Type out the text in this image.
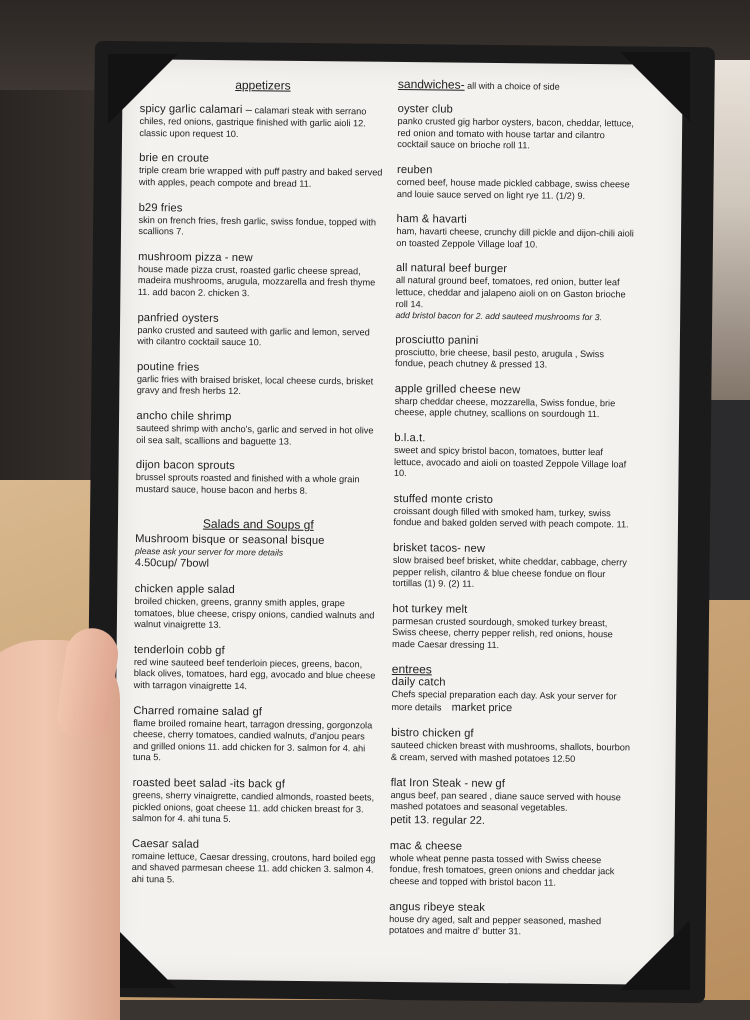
appetizers
spicy garlic calamari – calamari steak with serrano chiles, red onions, gastrique finished with garlic aioli 12. classic upon request 10.
brie en croute
triple cream brie wrapped with puff pastry and baked served with apples, peach compote and bread 11.
b29 fries
skin on french fries, fresh garlic, swiss fondue, topped with scallions 7.
mushroom pizza - new
house made pizza crust, roasted garlic cheese spread, madeira mushrooms, arugula, mozzarella and fresh thyme 11. add bacon 2. chicken 3.
panfried oysters
panko crusted and sauteed with garlic and lemon, served with cilantro cocktail sauce 10.
poutine fries
garlic fries with braised brisket, local cheese curds, brisket gravy and fresh herbs 12.
ancho chile shrimp
sauteed shrimp with ancho's, garlic and served in hot olive oil sea salt, scallions and baguette 13.
dijon bacon sprouts
brussel sprouts roasted and finished with a whole grain mustard sauce, house bacon and herbs 8.
Salads and Soups gf
Mushroom bisque or seasonal bisque
please ask your server for more details
4.50cup/ 7bowl
chicken apple salad
broiled chicken, greens, granny smith apples, grape tomatoes, blue cheese, crispy onions, candied walnuts and walnut vinaigrette 13.
tenderloin cobb gf
red wine sauteed beef tenderloin pieces, greens, bacon, black olives, tomatoes, hard egg, avocado and blue cheese with tarragon vinaigrette 14.
Charred romaine salad gf
flame broiled romaine heart, tarragon dressing, gorgonzola cheese, cherry tomatoes, candied walnuts, d'anjou pears and grilled onions 11. add chicken for 3. salmon for 4. ahi tuna 5.
roasted beet salad -its back gf
greens, sherry vinaigrette, candied almonds, roasted beets, pickled onions, goat cheese 11. add chicken breast for 3. salmon for 4. ahi tuna 5.
Caesar salad
romaine lettuce, Caesar dressing, croutons, hard boiled egg and shaved parmesan cheese 11. add chicken 3. salmon 4. ahi tuna 5.
sandwiches- all with a choice of side
oyster club
panko crusted gig harbor oysters, bacon, cheddar, lettuce, red onion and tomato with house tartar and cilantro cocktail sauce on brioche roll 11.
reuben
corned beef, house made pickled cabbage, swiss cheese and louie sauce served on light rye 11. (1/2) 9.
ham & havarti
ham, havarti cheese, crunchy dill pickle and dijon-chili aioli on toasted Zeppole Village loaf 10.
all natural beef burger
all natural ground beef, tomatoes, red onion, butter leaf lettuce, cheddar and jalapeno aioli on on Gaston brioche roll 14.
add bristol bacon for 2. add sauteed mushrooms for 3.
prosciutto panini
prosciutto, brie cheese, basil pesto, arugula , Swiss fondue, peach chutney & pressed 13.
apple grilled cheese new
sharp cheddar cheese, mozzarella, Swiss fondue, brie cheese, apple chutney, scallions on sourdough 11.
b.l.a.t.
sweet and spicy bristol bacon, tomatoes, butter leaf lettuce, avocado and aioli on toasted Zeppole Village loaf 10.
stuffed monte cristo
croissant dough filled with smoked ham, turkey, swiss fondue and baked golden served with peach compote. 11.
brisket tacos- new
slow braised beef brisket, white cheddar, cabbage, cherry pepper relish, cilantro & blue cheese fondue on flour tortillas (1) 9. (2) 11.
hot turkey melt
parmesan crusted sourdough, smoked turkey breast, Swiss cheese, cherry pepper relish, red onions, house made Caesar dressing 11.
entrees
daily catch
Chefs special preparation each day. Ask your server for more details market price
bistro chicken gf
sauteed chicken breast with mushrooms, shallots, bourbon & cream, served with mashed potatoes 12.50
flat Iron Steak - new gf
angus beef, pan seared , diane sauce served with house mashed potatoes and seasonal vegetables.
petit 13. regular 22.
mac & cheese
whole wheat penne pasta tossed with Swiss cheese fondue, fresh tomatoes, green onions and cheddar jack cheese and topped with bristol bacon 11.
angus ribeye steak
house dry aged, salt and pepper seasoned, mashed potatoes and maitre d' butter 31.
